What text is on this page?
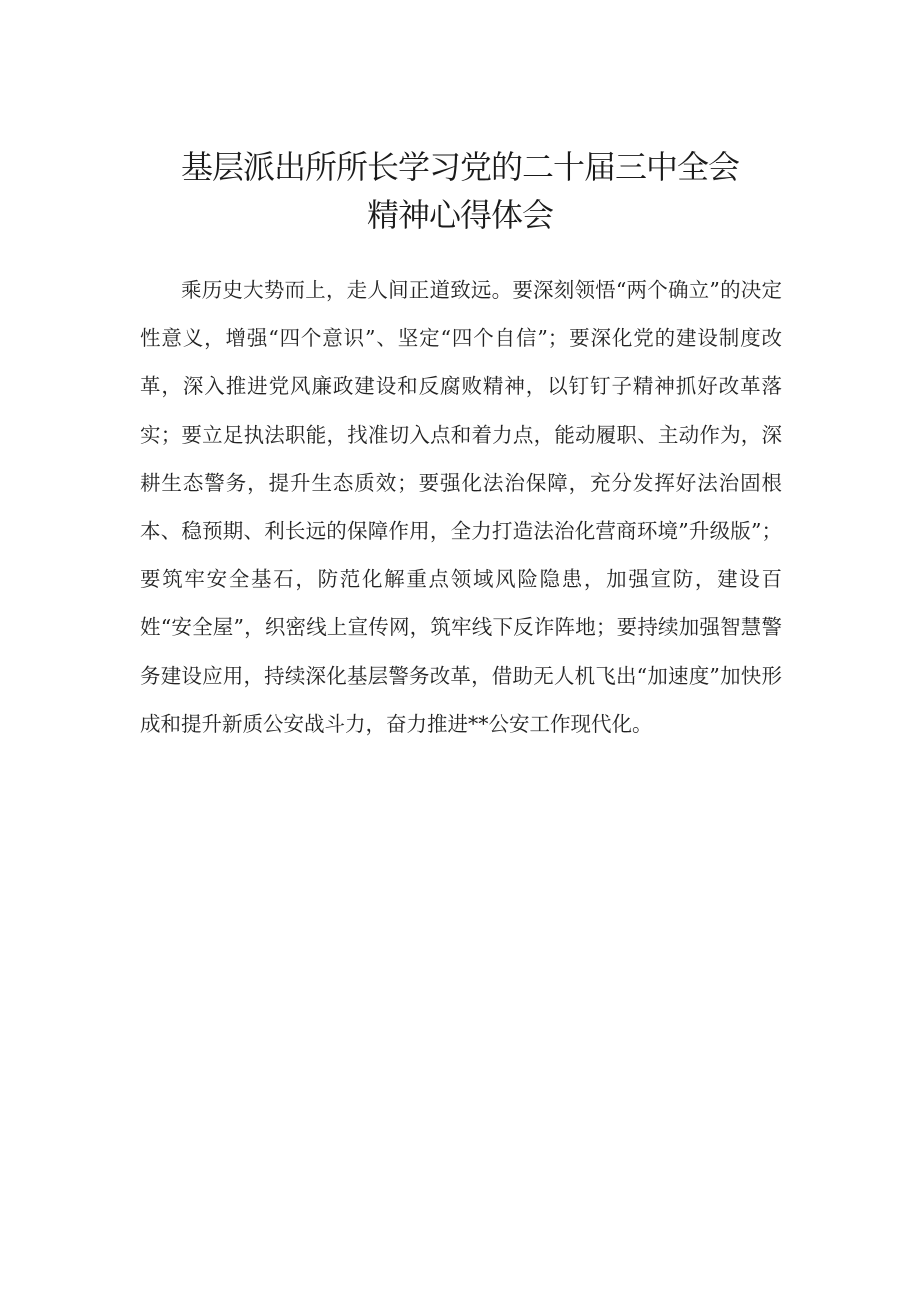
基层派出所所长学习党的二十届三中全会
精神心得体会

乘历史大势而上，走人间正道致远。要深刻领悟“两个确立”的决定性意义，增强“四个意识”、坚定“四个自信”；要深化党的建设制度改革，深入推进党风廉政建设和反腐败精神，以钉钉子精神抓好改革落实；要立足执法职能，找准切入点和着力点，能动履职、主动作为，深耕生态警务，提升生态质效；要强化法治保障，充分发挥好法治固根本、稳预期、利长远的保障作用，全力打造法治化营商环境”升级版”；要筑牢安全基石，防范化解重点领域风险隐患，加强宣防，建设百姓“安全屋”，织密线上宣传网，筑牢线下反诈阵地；要持续加强智慧警务建设应用，持续深化基层警务改革，借助无人机飞出“加速度”加快形成和提升新质公安战斗力，奋力推进**公安工作现代化。
